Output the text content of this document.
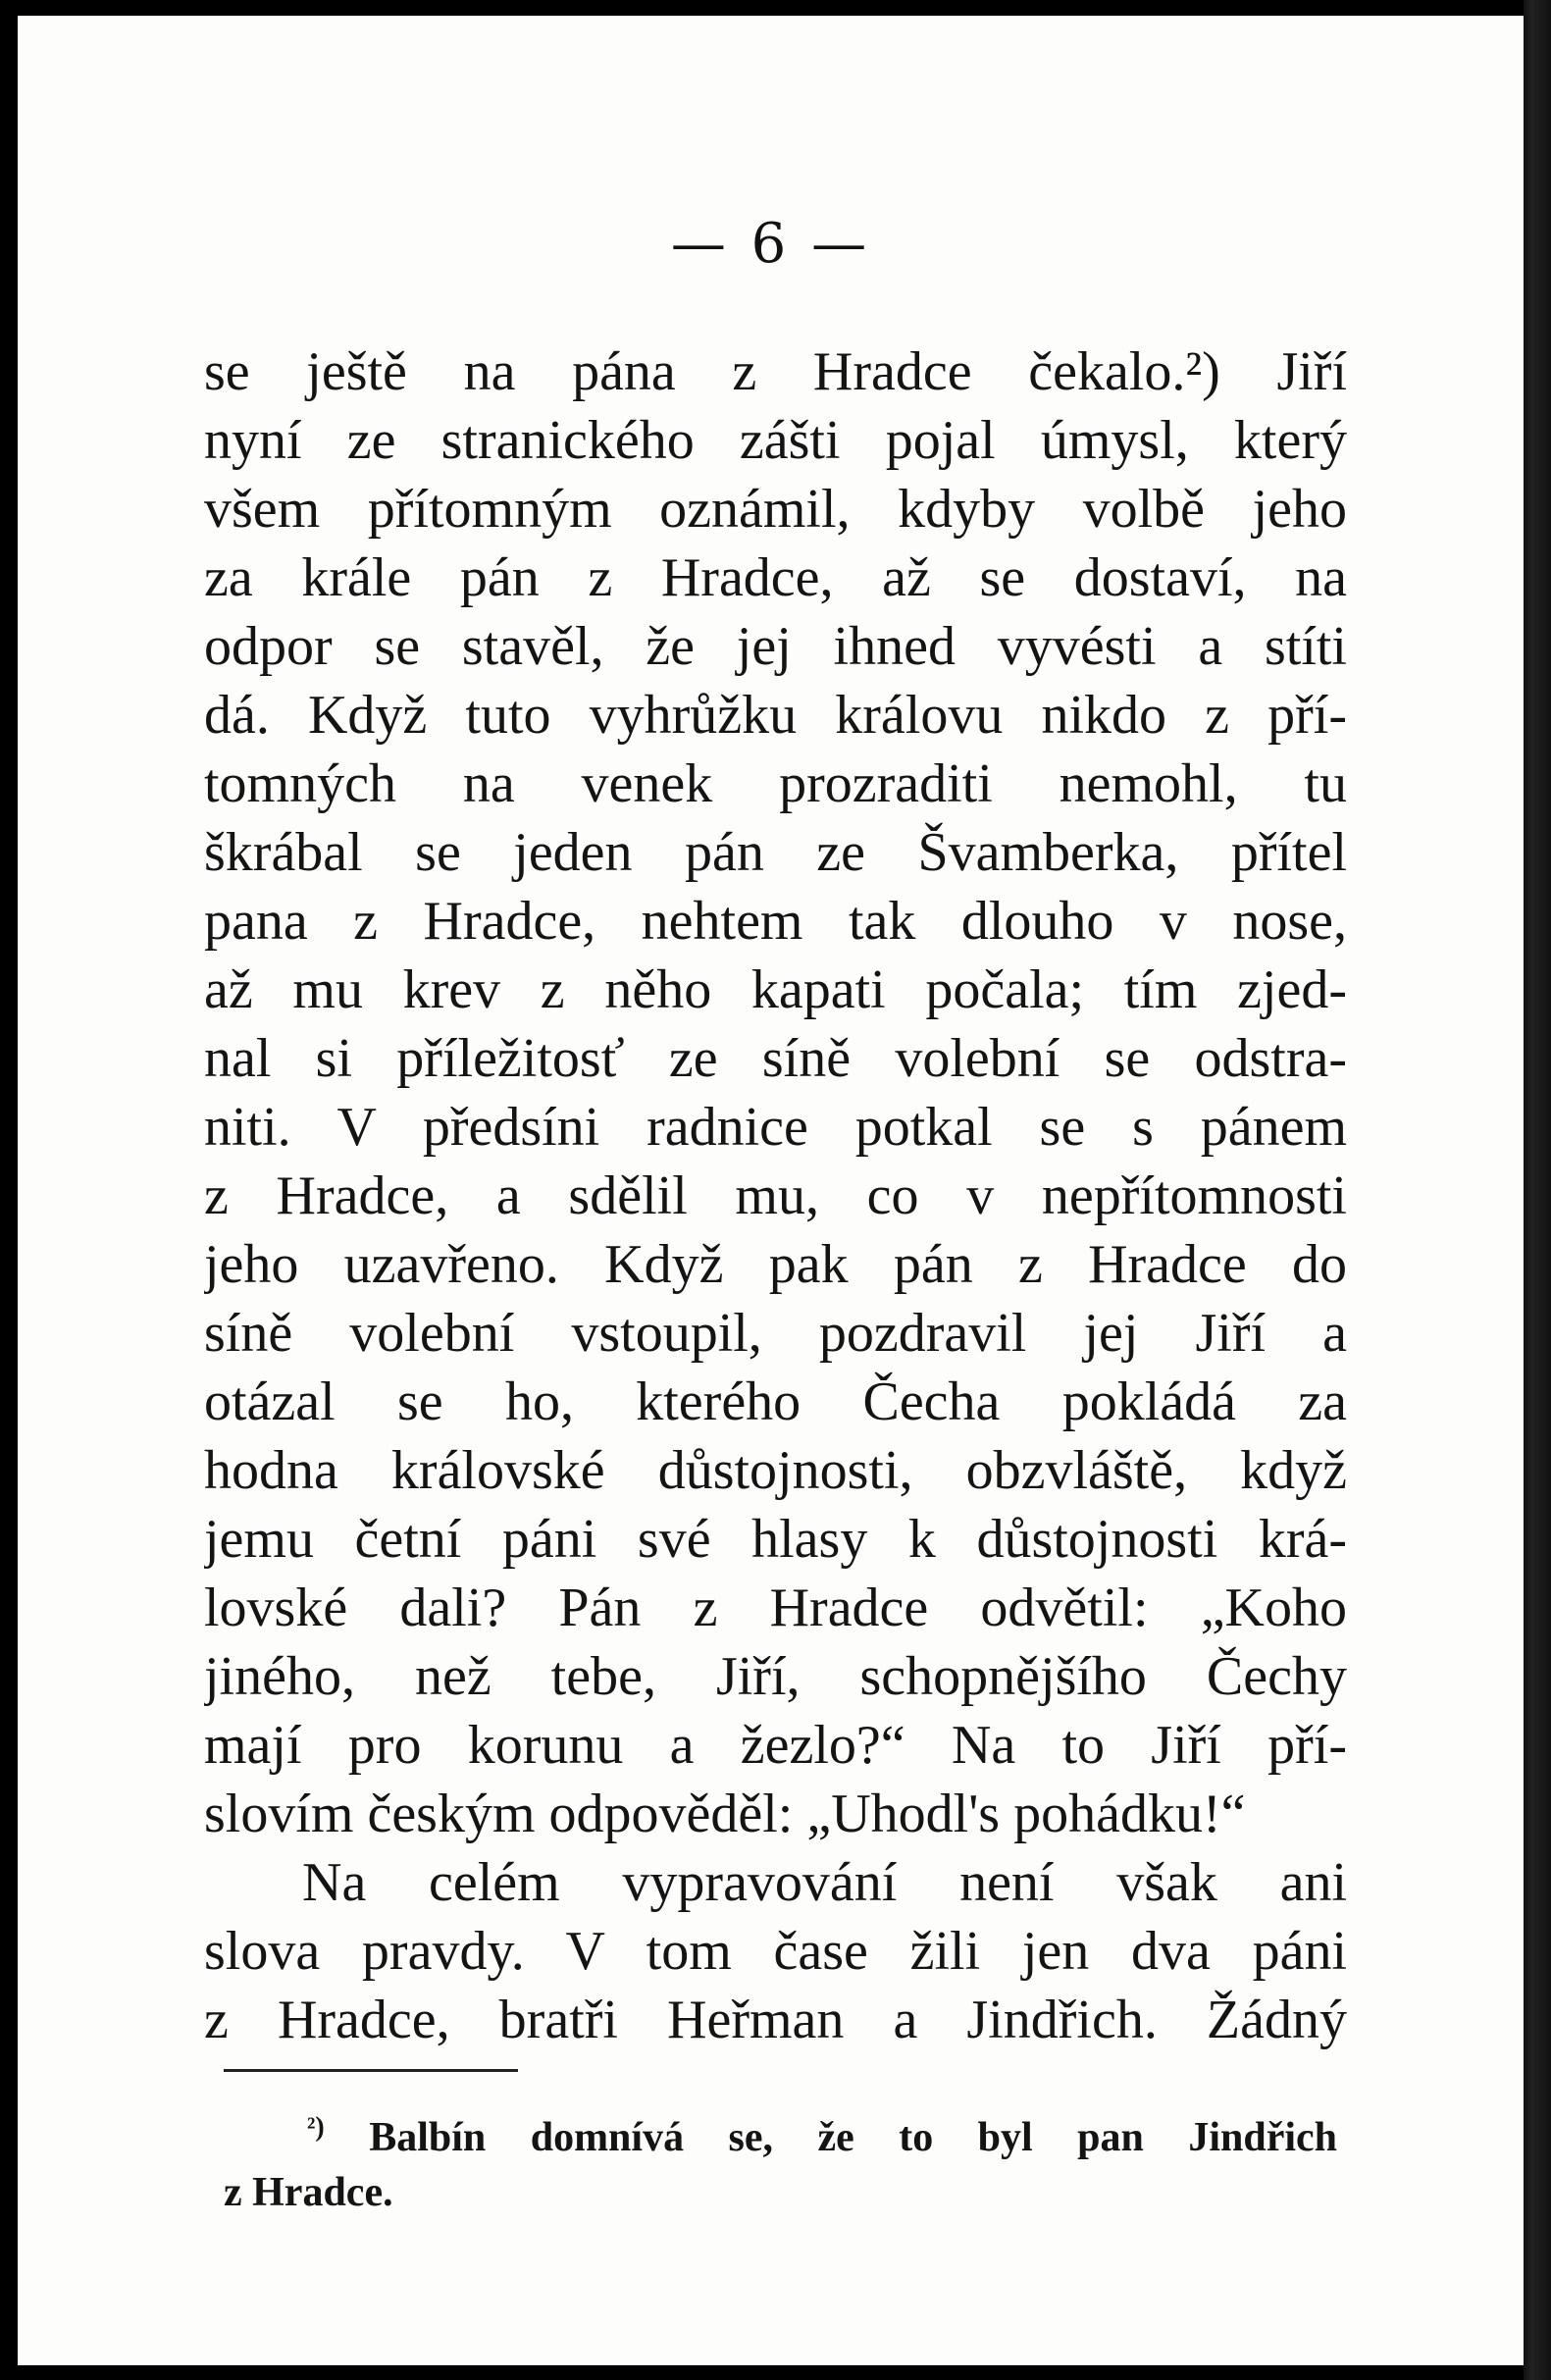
— 6 —
se ještě na pána z Hradce čekalo.²) Jiří
nyní ze stranického zášti pojal úmysl, který
všem přítomným oznámil, kdyby volbě jeho
za krále pán z Hradce, až se dostaví, na
odpor se stavěl, že jej ihned vyvésti a stíti
dá. Když tuto vyhrůžku královu nikdo z pří-
tomných na venek prozraditi nemohl, tu
škrábal se jeden pán ze Švamberka, přítel
pana z Hradce, nehtem tak dlouho v nose,
až mu krev z něho kapati počala; tím zjed-
nal si příležitosť ze síně volební se odstra-
niti. V předsíni radnice potkal se s pánem
z Hradce, a sdělil mu, co v nepřítomnosti
jeho uzavřeno. Když pak pán z Hradce do
síně volební vstoupil, pozdravil jej Jiří a
otázal se ho, kterého Čecha pokládá za
hodna královské důstojnosti, obzvláště, když
jemu četní páni své hlasy k důstojnosti krá-
lovské dali? Pán z Hradce odvětil: „Koho
jiného, než tebe, Jiří, schopnějšího Čechy
mají pro korunu a žezlo?“ Na to Jiří pří-
slovím českým odpověděl: „Uhodl's pohádku!“
Na celém vypravování není však ani
slova pravdy. V tom čase žili jen dva páni
z Hradce, bratři Heřman a Jindřich. Žádný
$^{^2)}$ Balbín domnívá se, že to byl pan Jindřich
z Hradce.
